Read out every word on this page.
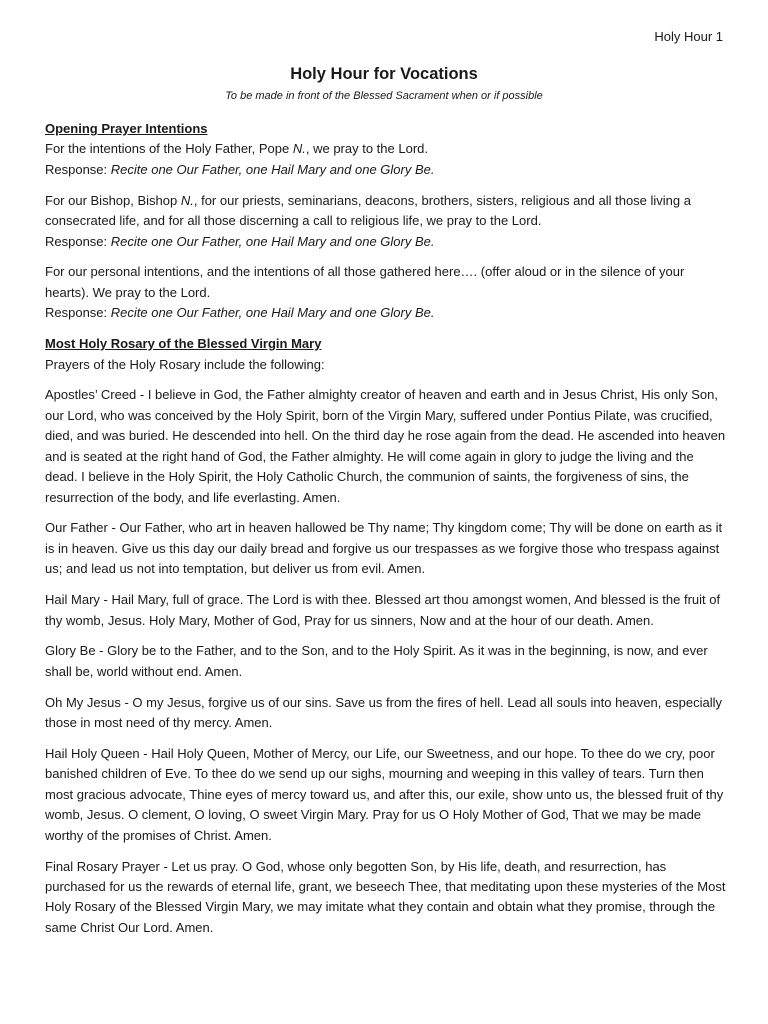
Holy Hour 1
Holy Hour for Vocations
To be made in front of the Blessed Sacrament when or if possible

Opening Prayer Intentions

For the intentions of the Holy Father, Pope N., we pray to the Lord.

Response: Recite one Our Father, one Hail Mary and one Glory Be.

For our Bishop, Bishop N., for our priests, seminarians, deacons, brothers, sisters, religious and all those living a consecrated life, and for all those discerning a call to religious life, we pray to the Lord.

Response: Recite one Our Father, one Hail Mary and one Glory Be.

For our personal intentions, and the intentions of all those gathered here…. (offer aloud or in the silence of your hearts). We pray to the Lord.

Response: Recite one Our Father, one Hail Mary and one Glory Be.

Most Holy Rosary of the Blessed Virgin Mary

Prayers of the Holy Rosary include the following:

Apostles’ Creed - I believe in God, the Father almighty creator of heaven and earth and in Jesus Christ, His only Son, our Lord, who was conceived by the Holy Spirit, born of the Virgin Mary, suffered under Pontius Pilate, was crucified, died, and was buried. He descended into hell. On the third day he rose again from the dead. He ascended into heaven and is seated at the right hand of God, the Father almighty. He will come again in glory to judge the living and the dead. I believe in the Holy Spirit, the Holy Catholic Church, the communion of saints, the forgiveness of sins, the resurrection of the body, and life everlasting. Amen.

Our Father - Our Father, who art in heaven hallowed be Thy name; Thy kingdom come; Thy will be done on earth as it is in heaven. Give us this day our daily bread and forgive us our trespasses as we forgive those who trespass against us; and lead us not into temptation, but deliver us from evil. Amen.

Hail Mary - Hail Mary, full of grace. The Lord is with thee. Blessed art thou amongst women, And blessed is the fruit of thy womb, Jesus. Holy Mary, Mother of God, Pray for us sinners, Now and at the hour of our death. Amen.

Glory Be - Glory be to the Father, and to the Son, and to the Holy Spirit. As it was in the beginning, is now, and ever shall be, world without end. Amen.

Oh My Jesus - O my Jesus, forgive us of our sins. Save us from the fires of hell. Lead all souls into heaven, especially those in most need of thy mercy. Amen.

Hail Holy Queen - Hail Holy Queen, Mother of Mercy, our Life, our Sweetness, and our hope. To thee do we cry, poor banished children of Eve. To thee do we send up our sighs, mourning and weeping in this valley of tears. Turn then most gracious advocate, Thine eyes of mercy toward us, and after this, our exile, show unto us, the blessed fruit of thy womb, Jesus. O clement, O loving, O sweet Virgin Mary. Pray for us O Holy Mother of God, That we may be made worthy of the promises of Christ. Amen.

Final Rosary Prayer - Let us pray. O God, whose only begotten Son, by His life, death, and resurrection, has purchased for us the rewards of eternal life, grant, we beseech Thee, that meditating upon these mysteries of the Most Holy Rosary of the Blessed Virgin Mary, we may imitate what they contain and obtain what they promise, through the same Christ Our Lord. Amen.
